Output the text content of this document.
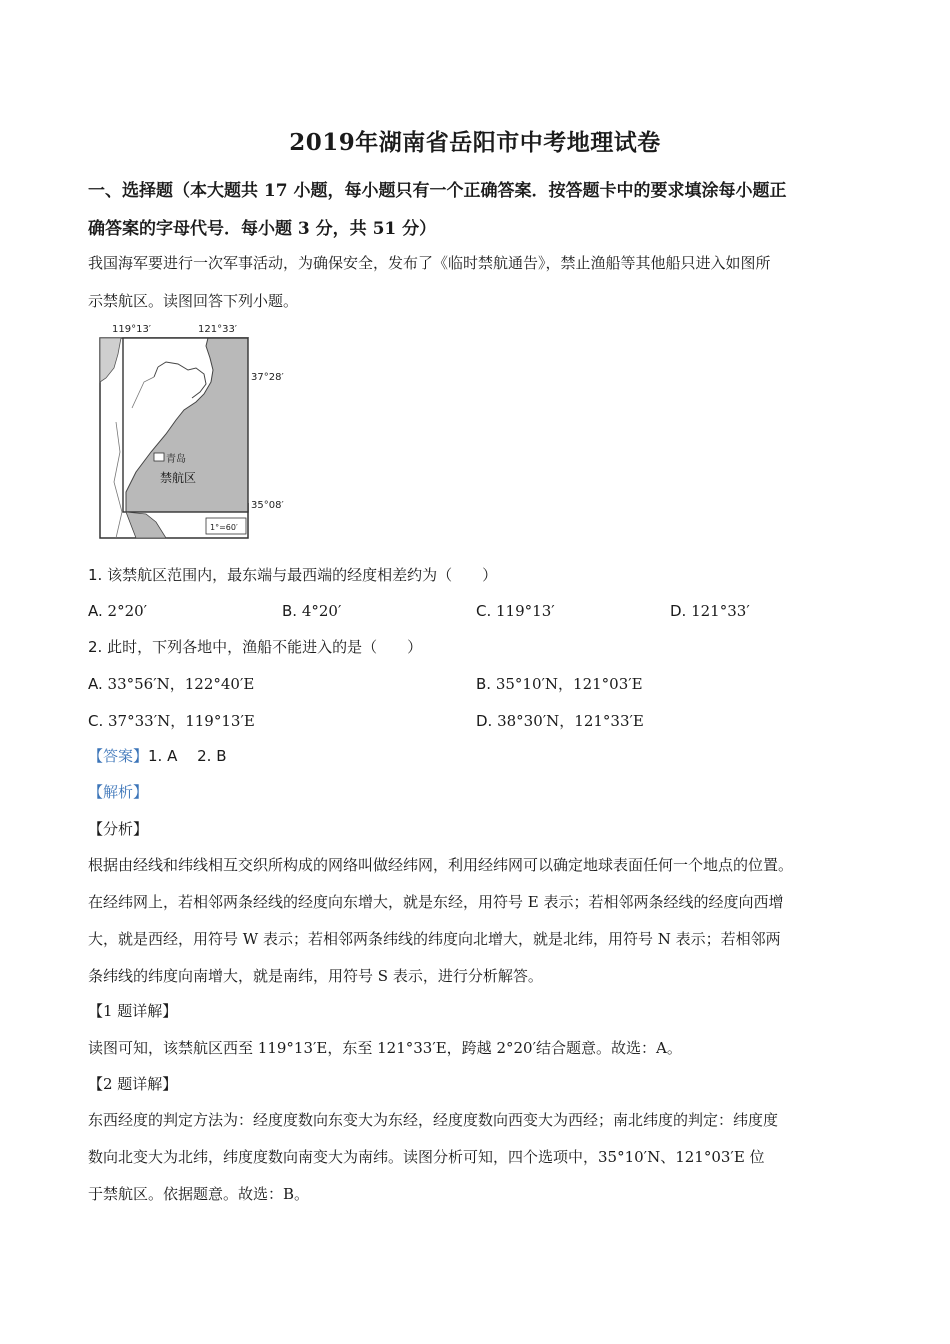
2019年湖南省岳阳市中考地理试卷
一、选择题（本大题共 17 小题，每小题只有一个正确答案．按答题卡中的要求填涂每小题正
确答案的字母代号．每小题 3 分，共 51 分）
我国海军要进行一次军事活动，为确保安全，发布了《临时禁航通告》，禁止渔船等其他船只进入如图所
示禁航区。读图回答下列小题。
青岛
禁航区
1°=60′
119°13′	121°33′
37°28′
35°08′
1. 该禁航区范围内，最东端与最西端的经度相差约为（　　）
A. 2°20′	B. 4°20′	C. 119°13′	D. 121°33′
2. 此时，下列各地中，渔船不能进入的是（　　）
A. 33°56′N，122°40′E	B. 35°10′N，121°03′E
C. 37°33′N，119°13′E	D. 38°30′N，121°33′E
【答案】1. A　 2. B
【解析】
【分析】
根据由经线和纬线相互交织所构成的网络叫做经纬网，利用经纬网可以确定地球表面任何一个地点的位置。
在经纬网上，若相邻两条经线的经度向东增大，就是东经，用符号 E 表示；若相邻两条经线的经度向西增
大，就是西经，用符号 W 表示；若相邻两条纬线的纬度向北增大，就是北纬，用符号 N 表示；若相邻两
条纬线的纬度向南增大，就是南纬，用符号 S 表示，进行分析解答。
【1 题详解】
读图可知，该禁航区西至 119°13′E，东至 121°33′E，跨越 2°20′结合题意。故选：A。
【2 题详解】
东西经度的判定方法为：经度度数向东变大为东经，经度度数向西变大为西经；南北纬度的判定：纬度度
数向北变大为北纬，纬度度数向南变大为南纬。读图分析可知，四个选项中，35°10′N、121°03′E 位
于禁航区。依据题意。故选：B。
